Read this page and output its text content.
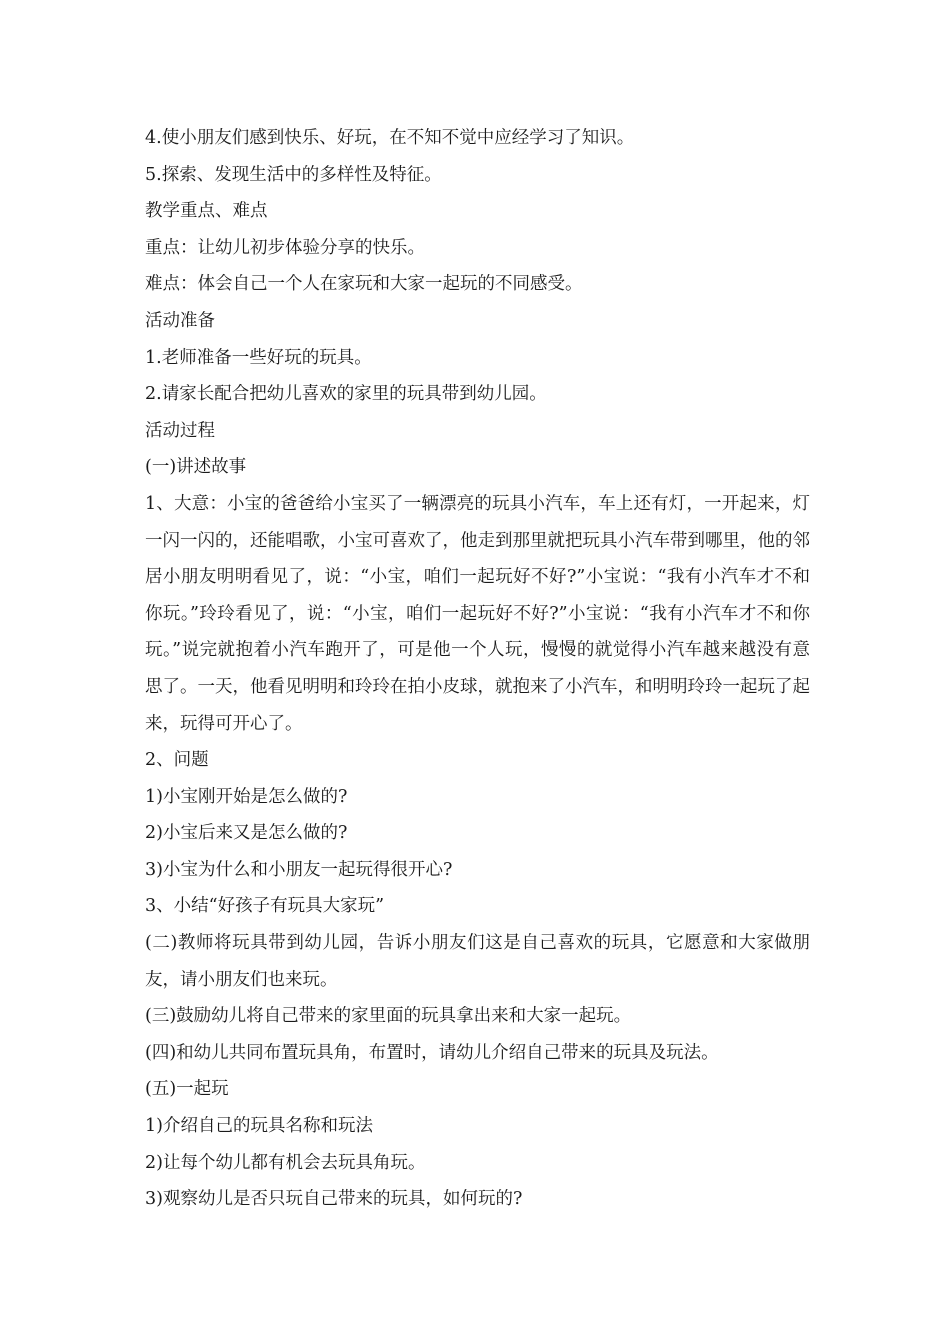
4.使小朋友们感到快乐、好玩，在不知不觉中应经学习了知识。

5.探索、发现生活中的多样性及特征。

教学重点、难点

重点：让幼儿初步体验分享的快乐。

难点：体会自己一个人在家玩和大家一起玩的不同感受。

活动准备

1.老师准备一些好玩的玩具。

2.请家长配合把幼儿喜欢的家里的玩具带到幼儿园。

活动过程

(一)讲述故事

1、大意：小宝的爸爸给小宝买了一辆漂亮的玩具小汽车，车上还有灯，一开起来，灯一闪一闪的，还能唱歌，小宝可喜欢了，他走到那里就把玩具小汽车带到哪里，他的邻居小朋友明明看见了，说：“小宝，咱们一起玩好不好?”小宝说：“我有小汽车才不和你玩。”玲玲看见了，说：“小宝，咱们一起玩好不好?”小宝说：“我有小汽车才不和你玩。”说完就抱着小汽车跑开了，可是他一个人玩，慢慢的就觉得小汽车越来越没有意思了。一天，他看见明明和玲玲在拍小皮球，就抱来了小汽车，和明明玲玲一起玩了起来，玩得可开心了。

2、问题

1)小宝刚开始是怎么做的?

2)小宝后来又是怎么做的?

3)小宝为什么和小朋友一起玩得很开心?

3、小结“好孩子有玩具大家玩”

(二)教师将玩具带到幼儿园，告诉小朋友们这是自己喜欢的玩具，它愿意和大家做朋友，请小朋友们也来玩。

(三)鼓励幼儿将自己带来的家里面的玩具拿出来和大家一起玩。

(四)和幼儿共同布置玩具角，布置时，请幼儿介绍自己带来的玩具及玩法。

(五)一起玩

1)介绍自己的玩具名称和玩法

2)让每个幼儿都有机会去玩具角玩。

3)观察幼儿是否只玩自己带来的玩具，如何玩的?
